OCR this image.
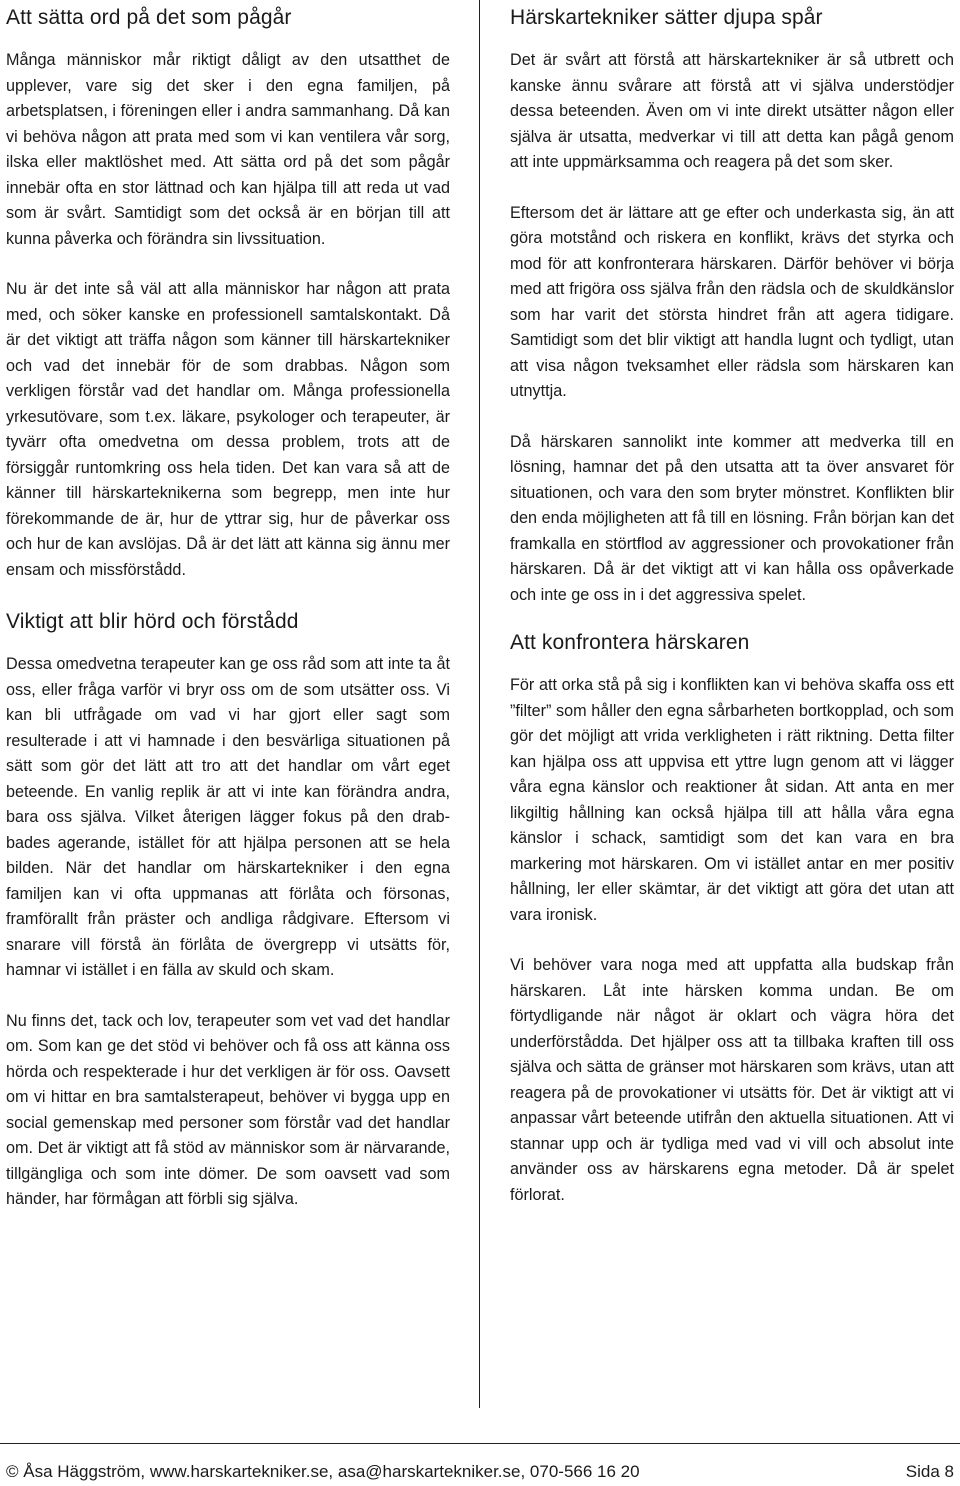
Att sätta ord på det som pågår

Många människor mår riktigt dåligt av den utsatthet de upplever, vare sig det sker i den egna familjen, på arbetsplatsen, i föreningen eller i andra sammanhang. Då kan vi behöva någon att prata med som vi kan ventilera vår sorg, ilska eller maktlöshet med. Att sätta ord på det som pågår innebär ofta en stor lättnad och kan hjälpa till att reda ut vad som är svårt. Samtidigt som det också är en början till att kunna påverka och förändra sin livssituation.

Nu är det inte så väl att alla människor har någon att prata med, och söker kanske en professionell samtalskontakt. Då är det viktigt att träffa någon som känner till härskartekniker och vad det innebär för de som drabbas. Någon som verkligen förstår vad det handlar om. Många professionella yrkesutövare, som t.ex. läkare, psykologer och terapeuter, är tyvärr ofta omedvetna om dessa problem, trots att de försiggår runtomkring oss hela tiden. Det kan vara så att de känner till härskarteknikerna som begrepp, men inte hur förekommande de är, hur de yttrar sig, hur de påverkar oss och hur de kan avslöjas. Då är det lätt att känna sig ännu mer ensam och missförstådd.

Viktigt att blir hörd och förstådd

Dessa omedvetna terapeuter kan ge oss råd som att inte ta åt oss, eller fråga varför vi bryr oss om de som utsätter oss. Vi kan bli utfrågade om vad vi har gjort eller sagt som resulterade i att vi hamnade i den besvärliga situationen på sätt som gör det lätt att tro att det handlar om vårt eget beteende. En vanlig replik är att vi inte kan förändra andra, bara oss själva. Vilket återigen lägger fokus på den drabbades agerande, istället för att hjälpa personen att se hela bilden. När det handlar om härskartekniker i den egna familjen kan vi ofta uppmanas att förlåta och försonas, framförallt från präster och andliga rådgivare. Eftersom vi snarare vill förstå än förlåta de övergrepp vi utsätts för, hamnar vi istället i en fälla av skuld och skam.

Nu finns det, tack och lov, terapeuter som vet vad det handlar om. Som kan ge det stöd vi behöver och få oss att känna oss hörda och respekterade i hur det verkligen är för oss. Oavsett om vi hittar en bra samtalsterapeut, behöver vi bygga upp en social gemenskap med personer som förstår vad det handlar om. Det är viktigt att få stöd av människor som är närvarande, tillgängliga och som inte dömer. De som oavsett vad som händer, har förmågan att förbli sig själva.

Härskartekniker sätter djupa spår

Det är svårt att förstå att härskartekniker är så utbrett och kanske ännu svårare att förstå att vi själva understödjer dessa beteenden. Även om vi inte direkt utsätter någon eller själva är utsatta, medverkar vi till att detta kan pågå genom att inte uppmärksamma och reagera på det som sker.

Eftersom det är lättare att ge efter och underkasta sig, än att göra motstånd och riskera en konflikt, krävs det styrka och mod för att konfronterara härskaren. Därför behöver vi börja med att frigöra oss själva från den rädsla och de skuldkänslor som har varit det största hindret från att agera tidigare. Samtidigt som det blir viktigt att handla lugnt och tydligt, utan att visa någon tveksamhet eller rädsla som härskaren kan utnyttja.

Då härskaren sannolikt inte kommer att medverka till en lösning, hamnar det på den utsatta att ta över ansvaret för situationen, och vara den som bryter mönstret. Konflikten blir den enda möjligheten att få till en lösning. Från början kan det framkalla en störtflod av aggressioner och provokationer från härskaren. Då är det viktigt att vi kan hålla oss opåverkade och inte ge oss in i det aggressiva spelet.

Att konfrontera härskaren

För att orka stå på sig i konflikten kan vi behöva skaffa oss ett ”filter” som håller den egna sårbarheten bortkopplad, och som gör det möjligt att vrida verkligheten i rätt riktning. Detta filter kan hjälpa oss att uppvisa ett yttre lugn genom att vi lägger våra egna känslor och reaktioner åt sidan. Att anta en mer likgiltig hållning kan också hjälpa till att hålla våra egna känslor i schack, samtidigt som det kan vara en bra markering mot härskaren. Om vi istället antar en mer positiv hållning, ler eller skämtar, är det viktigt att göra det utan att vara ironisk.

Vi behöver vara noga med att uppfatta alla budskap från härskaren. Låt inte härsken komma undan. Be om förtydligande när något är oklart och vägra höra det underförstådda. Det hjälper oss att ta tillbaka kraften till oss själva och sätta de gränser mot härskaren som krävs, utan att reagera på de provokationer vi utsätts för. Det är viktigt att vi anpassar vårt beteende utifrån den aktuella situationen. Att vi stannar upp och är tydliga med vad vi vill och absolut inte använder oss av härskarens egna metoder. Då är spelet förlorat.

© Åsa Häggström, www.harskartekniker.se, asa@harskartekniker.se, 070-566 16 20	Sida 8
